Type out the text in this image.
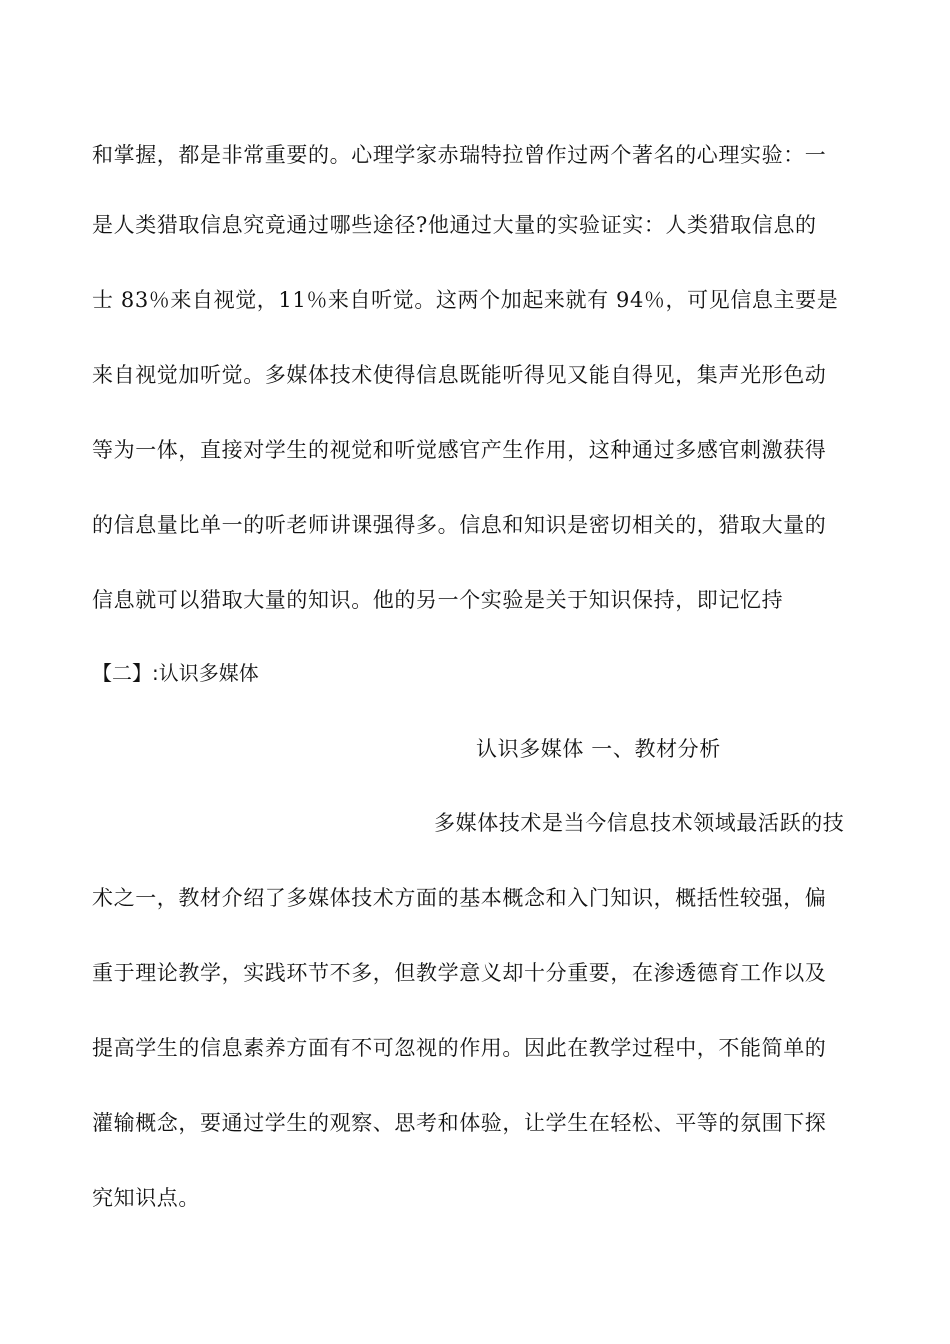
和掌握，都是非常重要的。心理学家赤瑞特拉曾作过两个著名的心理实验：一
是人类猎取信息究竟通过哪些途径?他通过大量的实验证实：人类猎取信息的
士 83％来自视觉，11％来自听觉。这两个加起来就有 94％，可见信息主要是
来自视觉加听觉。多媒体技术使得信息既能听得见又能自得见，集声光形色动
等为一体，直接对学生的视觉和听觉感官产生作用，这种通过多感官刺激获得
的信息量比单一的听老师讲课强得多。信息和知识是密切相关的，猎取大量的
信息就可以猎取大量的知识。他的另一个实验是关于知识保持，即记忆持
【二】:认识多媒体
认识多媒体 一、教材分析
多媒体技术是当今信息技术领域最活跃的技
术之一，教材介绍了多媒体技术方面的基本概念和入门知识，概括性较强，偏
重于理论教学，实践环节不多，但教学意义却十分重要，在渗透德育工作以及
提高学生的信息素养方面有不可忽视的作用。因此在教学过程中，不能简单的
灌输概念，要通过学生的观察、思考和体验，让学生在轻松、平等的氛围下探
究知识点。
